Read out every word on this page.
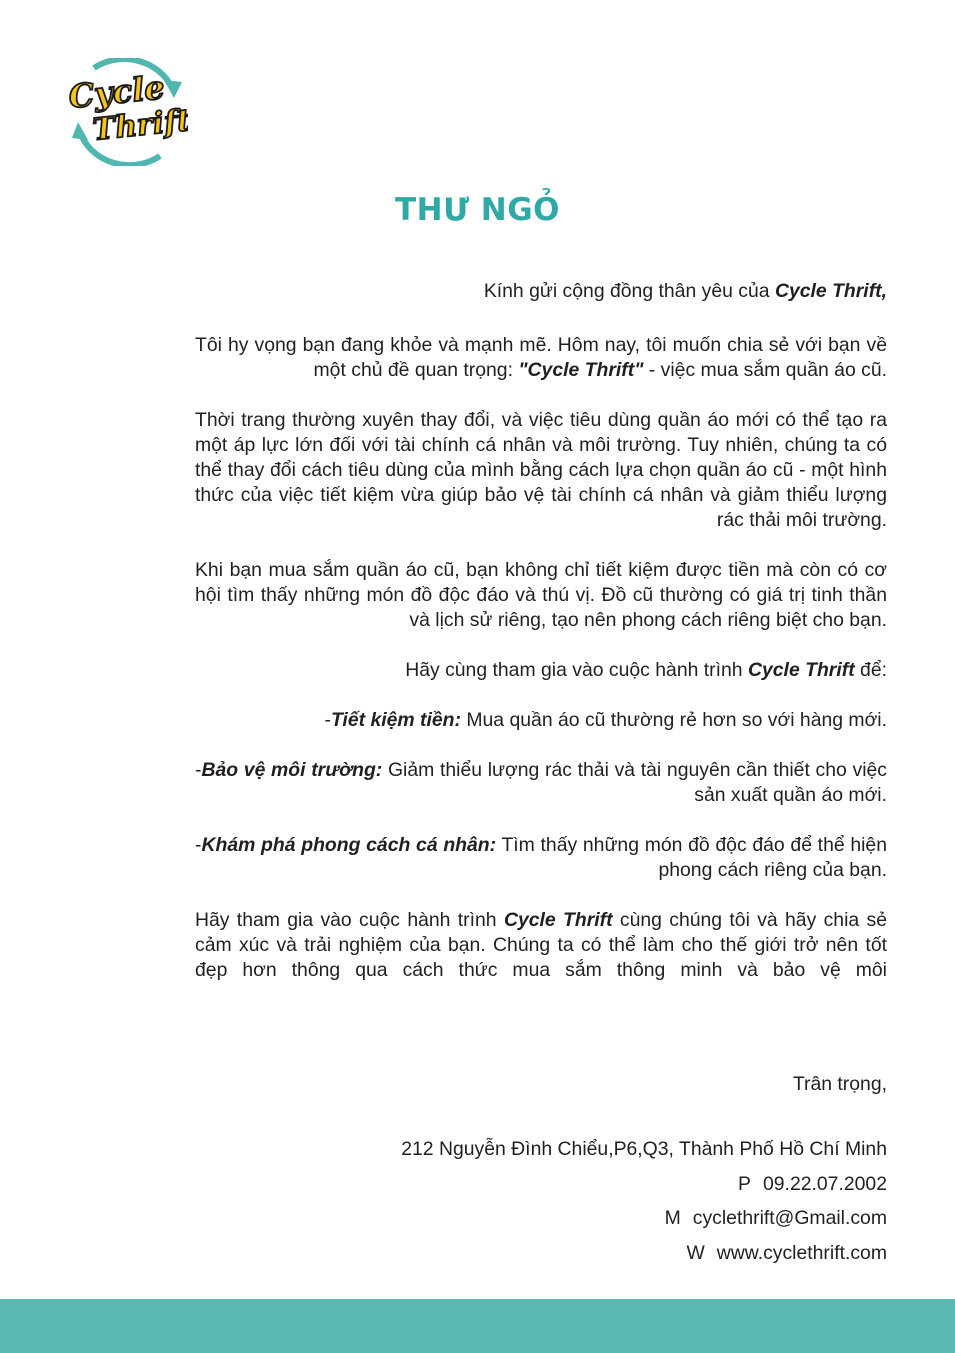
Cycle
Thrift
THƯ NGỎ

Kính gửi cộng đồng thân yêu của Cycle Thrift,

Tôi hy vọng bạn đang khỏe và mạnh mẽ. Hôm nay, tôi muốn chia sẻ với bạn về một chủ đề quan trọng: "Cycle Thrift" - việc mua sắm quần áo cũ.

Thời trang thường xuyên thay đổi, và việc tiêu dùng quần áo mới có thể tạo ra một áp lực lớn đối với tài chính cá nhân và môi trường. Tuy nhiên, chúng ta có thể thay đổi cách tiêu dùng của mình bằng cách lựa chọn quần áo cũ - một hình thức của việc tiết kiệm vừa giúp bảo vệ tài chính cá nhân và giảm thiểu lượng rác thải môi trường.

Khi bạn mua sắm quần áo cũ, bạn không chỉ tiết kiệm được tiền mà còn có cơ hội tìm thấy những món đồ độc đáo và thú vị. Đồ cũ thường có giá trị tinh thần và lịch sử riêng, tạo nên phong cách riêng biệt cho bạn.

Hãy cùng tham gia vào cuộc hành trình Cycle Thrift để:

-Tiết kiệm tiền: Mua quần áo cũ thường rẻ hơn so với hàng mới.

-Bảo vệ môi trường: Giảm thiểu lượng rác thải và tài nguyên cần thiết cho việc sản xuất quần áo mới.

-Khám phá phong cách cá nhân: Tìm thấy những món đồ độc đáo để thể hiện phong cách riêng của bạn.

Hãy tham gia vào cuộc hành trình Cycle Thrift cùng chúng tôi và hãy chia sẻ cảm xúc và trải nghiệm của bạn. Chúng ta có thể làm cho thế giới trở nên tốt đẹp hơn thông qua cách thức mua sắm thông minh và bảo vệ môi

Trân trọng,
212 Nguyễn Đình Chiểu,P6,Q3, Thành Phố Hồ Chí Minh
P 09.22.07.2002
M cyclethrift@Gmail.com
W www.cyclethrift.com
